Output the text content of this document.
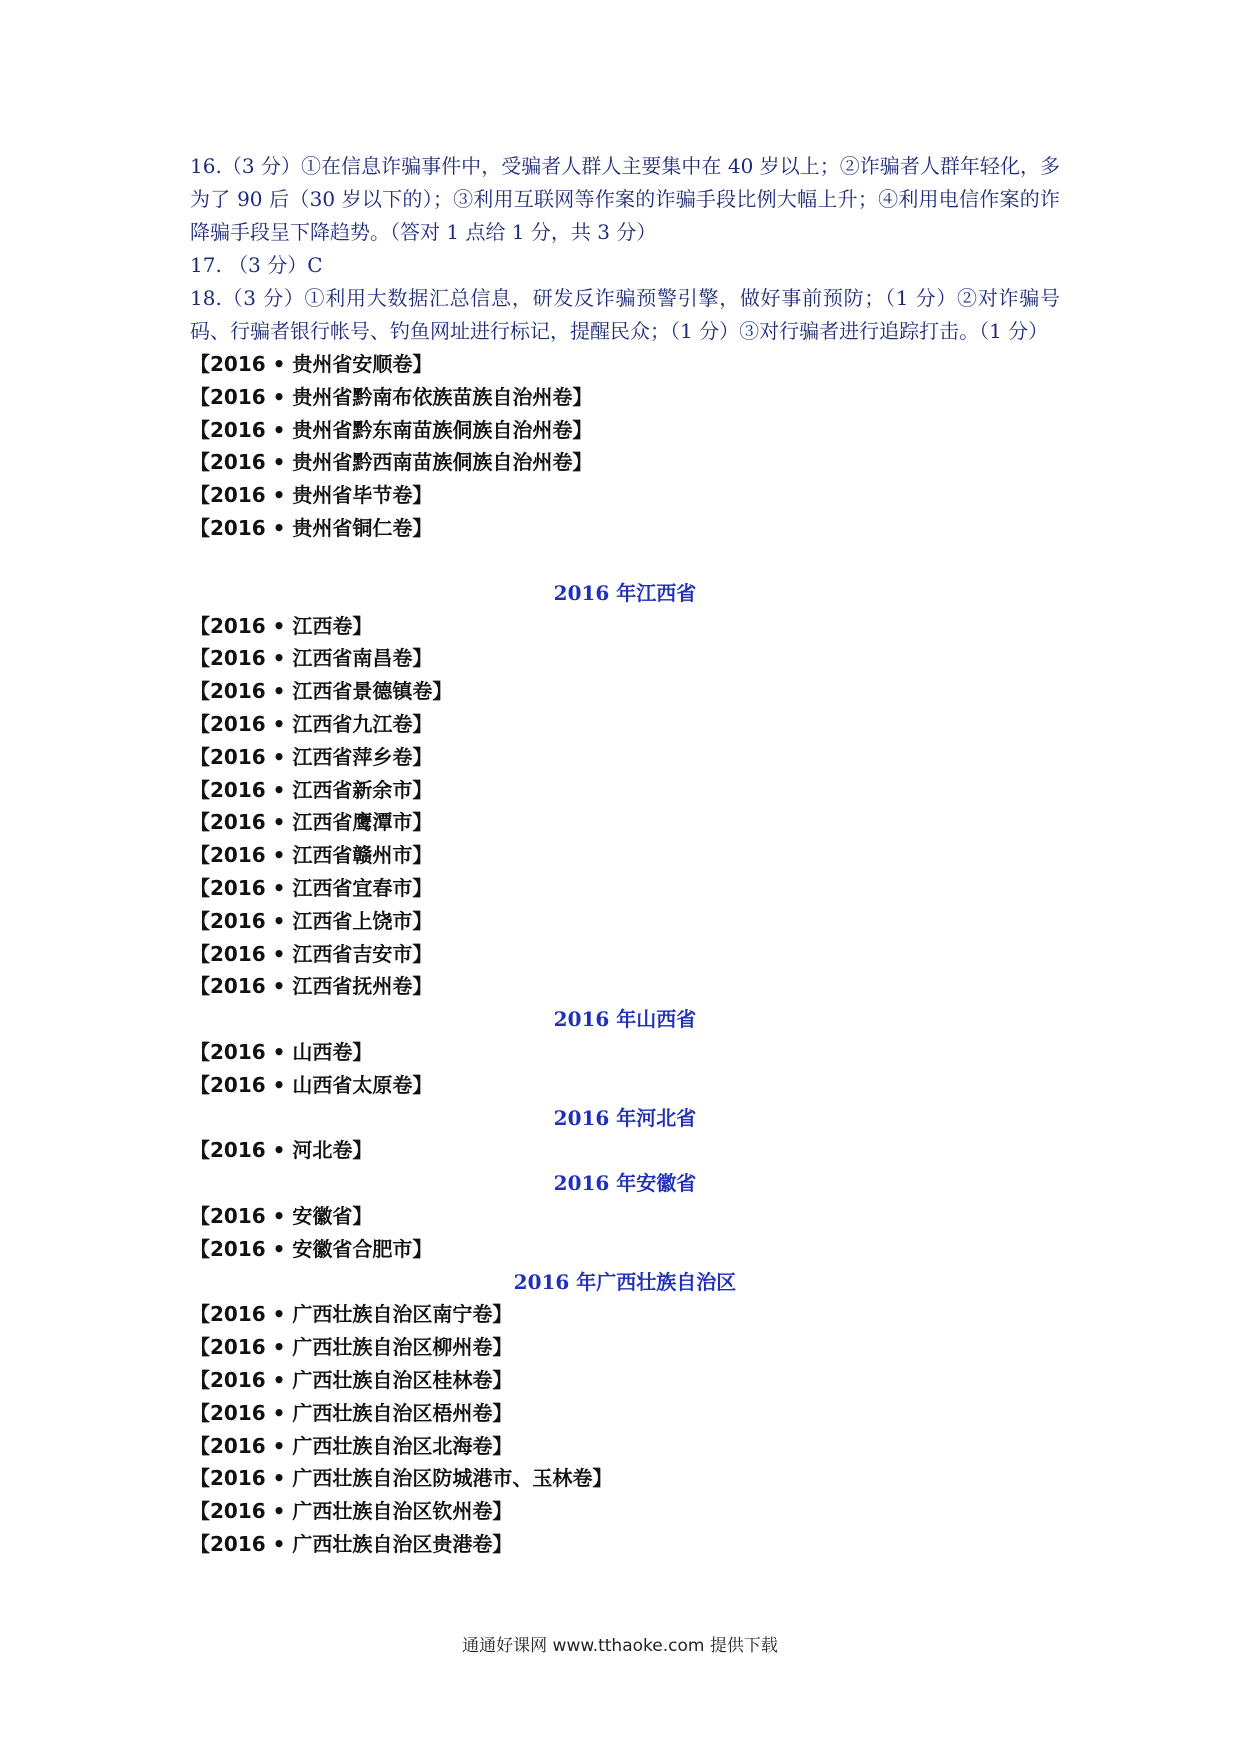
16.（3 分）①在信息诈骗事件中，受骗者人群人主要集中在 40 岁以上；②诈骗者人群年轻化，多为了 90 后（30 岁以下的）；③利用互联网等作案的诈骗手段比例大幅上升；④利用电信作案的诈降骗手段呈下降趋势。（答对 1 点给 1 分，共 3 分）

17. （3 分）C

18.（3 分）①利用大数据汇总信息，研发反诈骗预警引擎，做好事前预防；（1 分）②对诈骗号码、行骗者银行帐号、钓鱼网址进行标记，提醒民众；（1 分）③对行骗者进行追踪打击。（1 分）

【2016 • 贵州省安顺卷】
【2016 • 贵州省黔南布依族苗族自治州卷】
【2016 • 贵州省黔东南苗族侗族自治州卷】
【2016 • 贵州省黔西南苗族侗族自治州卷】
【2016 • 贵州省毕节卷】
【2016 • 贵州省铜仁卷】
2016 年江西省
【2016 • 江西卷】
【2016 • 江西省南昌卷】
【2016 • 江西省景德镇卷】
【2016 • 江西省九江卷】
【2016 • 江西省萍乡卷】
【2016 • 江西省新余市】
【2016 • 江西省鹰潭市】
【2016 • 江西省赣州市】
【2016 • 江西省宜春市】
【2016 • 江西省上饶市】
【2016 • 江西省吉安市】
【2016 • 江西省抚州卷】
2016 年山西省
【2016 • 山西卷】
【2016 • 山西省太原卷】
2016 年河北省
【2016 • 河北卷】
2016 年安徽省
【2016 • 安徽省】
【2016 • 安徽省合肥市】
2016 年广西壮族自治区
【2016 • 广西壮族自治区南宁卷】
【2016 • 广西壮族自治区柳州卷】
【2016 • 广西壮族自治区桂林卷】
【2016 • 广西壮族自治区梧州卷】
【2016 • 广西壮族自治区北海卷】
【2016 • 广西壮族自治区防城港市、玉林卷】
【2016 • 广西壮族自治区钦州卷】
【2016 • 广西壮族自治区贵港卷】
通通好课网 www.tthaoke.com 提供下载
